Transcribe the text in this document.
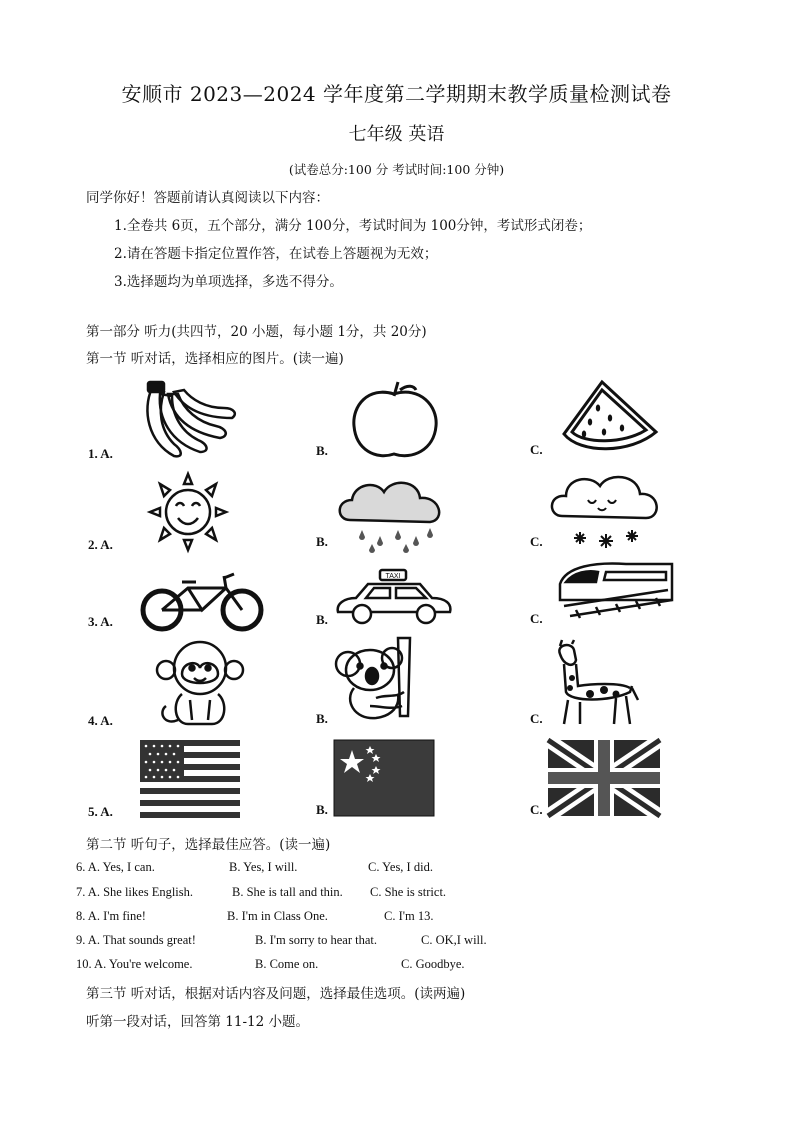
安顺市 2023—2024 学年度第二学期期末教学质量检测试卷
七年级 英语
(试卷总分:100 分 考试时间:100 分钟)
同学你好！答题前请认真阅读以下内容：
1.全卷共 6页，五个部分，满分 100分，考试时间为 100分钟，考试形式闭卷；
2.请在答题卡指定位置作答，在试卷上答题视为无效；
3.选择题均为单项选择，多选不得分。
第一部分 听力(共四节，20 小题，每小题 1分，共 20分)
第一节 听对话，选择相应的图片。(读一遍)
1. A.	B.	C.
2. A.	B.	C.
3. A.	B.	C.
TAXI
4. A.	B.	C.
5. A.	B.	C.
第二节 听句子，选择最佳应答。(读一遍)
6. A. Yes, I can.	B. Yes, I will.	C. Yes, I did.
7. A. She likes English.	B. She is tall and thin. C. She is strict.
8. A. I'm fine!	B. I'm in Class One.	C. I'm 13.
9. A. That sounds great!	B. I'm sorry to hear that.	C. OK,I will.
10. A. You're welcome.	B. Come on.	C. Goodbye.
第三节 听对话，根据对话内容及问题，选择最佳选项。(读两遍)
听第一段对话，回答第 11-12 小题。
